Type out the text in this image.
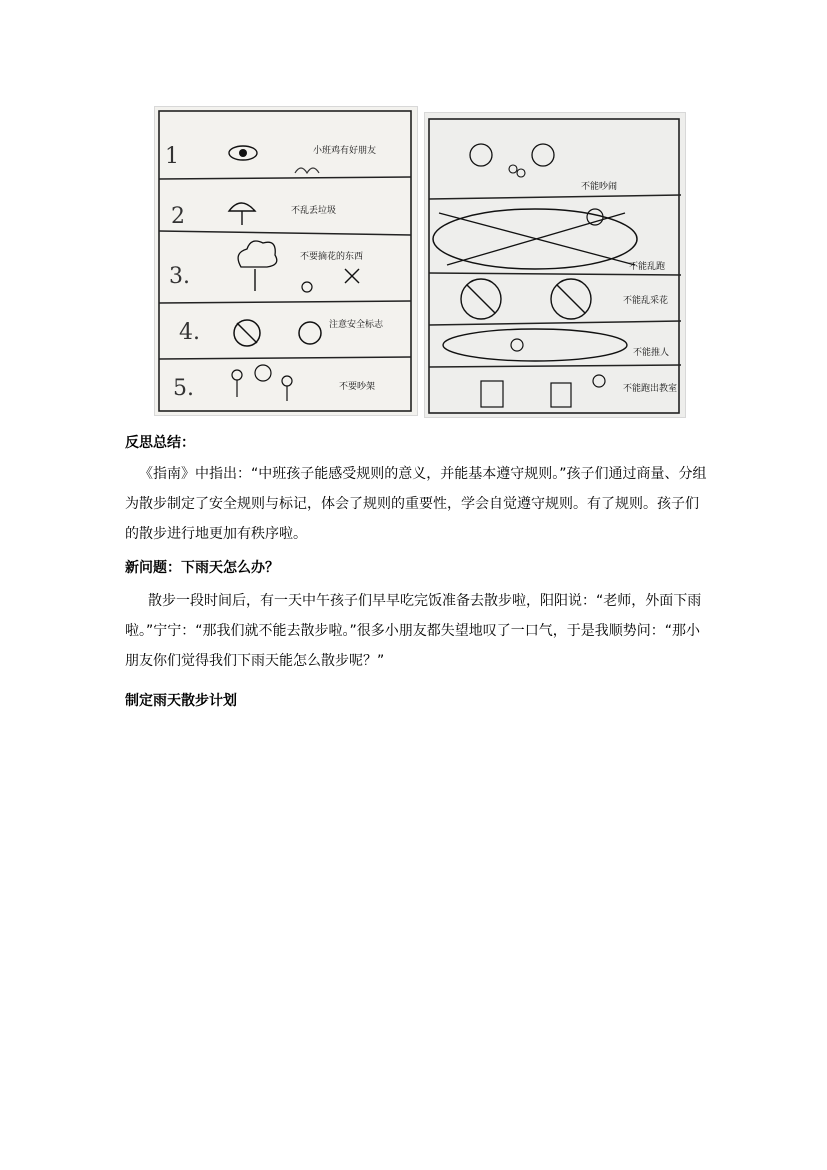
1
2
3.
4.
5.
小班鸡有好朋友
不乱丢垃圾
不要摘花的东西
注意安全标志
不要吵架
不能吵闹
不能乱跑
不能乱采花
不能推人
不能跑出教室
反思总结：
《指南》中指出：“中班孩子能感受规则的意义，并能基本遵守规则。”孩子们通过商量、分组为散步制定了安全规则与标记，体会了规则的重要性，学会自觉遵守规则。有了规则。孩子们的散步进行地更加有秩序啦。
新问题：下雨天怎么办？
散步一段时间后，有一天中午孩子们早早吃完饭准备去散步啦，阳阳说：“老师，外面下雨啦。”宁宁：“那我们就不能去散步啦。”很多小朋友都失望地叹了一口气，于是我顺势问：“那小朋友你们觉得我们下雨天能怎么散步呢？”
制定雨天散步计划
